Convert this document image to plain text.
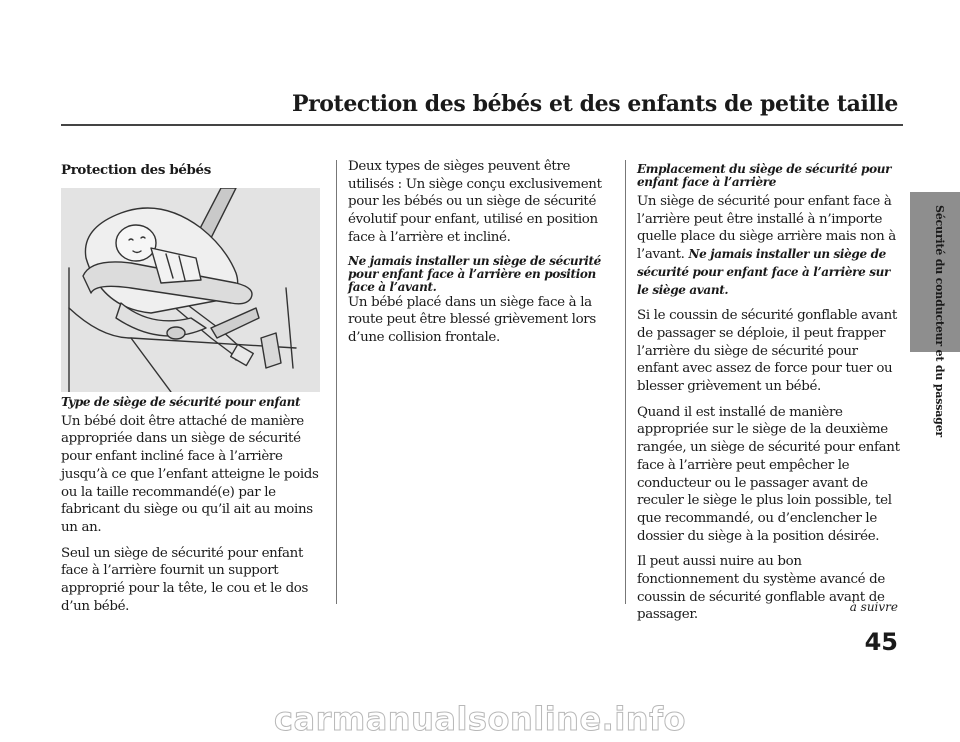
Protection des bébés et des enfants de petite taille
Sécurité du conducteur et du passager
Protection des bébés
Type de siège de sécurité pour enfant

Un bébé doit être attaché de manière appropriée dans un siège de sécurité pour enfant incliné face à l’arrière jusqu’à ce que l’enfant atteigne le poids ou la taille recommandé(e) par le fabricant du siège ou qu’il ait au moins un an.

Seul un siège de sécurité pour enfant face à l’arrière fournit un support approprié pour la tête, le cou et le dos d’un bébé.

Deux types de sièges peuvent être utilisés : Un siège conçu exclusivement pour les bébés ou un siège de sécurité évolutif pour enfant, utilisé en position face à l’arrière et incliné.

Ne jamais installer un siège de sécurité pour enfant face à l’arrière en position face à l’avant.

Un bébé placé dans un siège face à la route peut être blessé grièvement lors d’une collision frontale.

Emplacement du siège de sécurité pour enfant face à l’arrière

Un siège de sécurité pour enfant face à l’arrière peut être installé à n’importe quelle place du siège arrière mais non à l’avant. Ne jamais installer un siège de sécurité pour enfant face à l’arrière sur le siège avant.

Si le coussin de sécurité gonflable avant de passager se déploie, il peut frapper l’arrière du siège de sécurité pour enfant avec assez de force pour tuer ou blesser grièvement un bébé.

Quand il est installé de manière appropriée sur le siège de la deuxième rangée, un siège de sécurité pour enfant face à l’arrière peut empêcher le conducteur ou le passager avant de reculer le siège le plus loin possible, tel que recommandé, ou d’enclencher le dossier du siège à la position désirée.

Il peut aussi nuire au bon fonctionnement du système avancé de coussin de sécurité gonflable avant de passager.

à suivre
45
carmanualsonline.info
